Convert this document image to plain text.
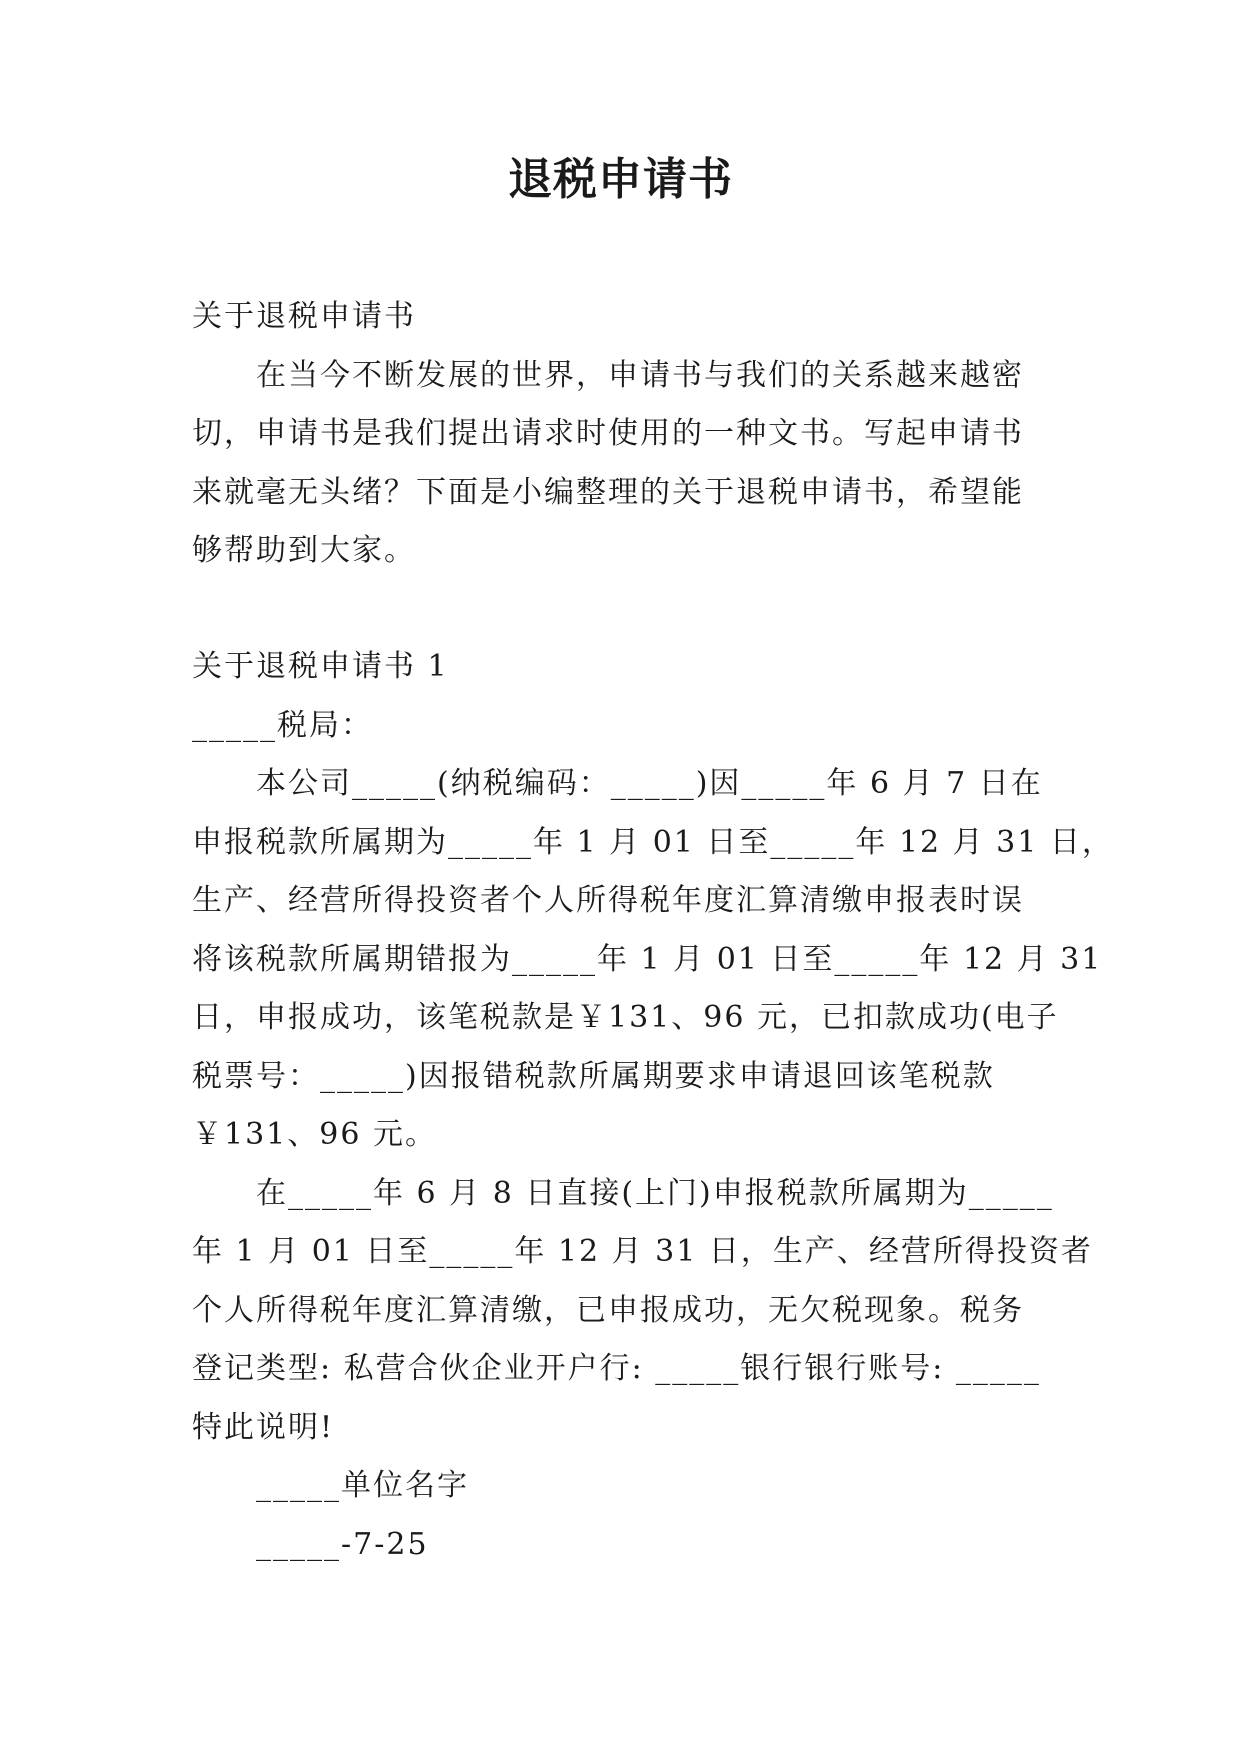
退税申请书
关于退税申请书
在当今不断发展的世界，申请书与我们的关系越来越密
切，申请书是我们提出请求时使用的一种文书。写起申请书
来就毫无头绪？下面是小编整理的关于退税申请书，希望能
够帮助到大家。
关于退税申请书 1
_____税局：
本公司_____(纳税编码：_____)因_____年 6 月 7 日在
申报税款所属期为_____年 1 月 01 日至_____年 12 月 31 日，
生产、经营所得投资者个人所得税年度汇算清缴申报表时误
将该税款所属期错报为_____年 1 月 01 日至_____年 12 月 31
日，申报成功，该笔税款是￥131、96 元，已扣款成功(电子
税票号：_____)因报错税款所属期要求申请退回该笔税款
￥131、96 元。
在_____年 6 月 8 日直接(上门)申报税款所属期为_____
年 1 月 01 日至_____年 12 月 31 日，生产、经营所得投资者
个人所得税年度汇算清缴，已申报成功，无欠税现象。税务
登记类型: 私营合伙企业开户行: _____银行银行账号: _____
特此说明!
_____单位名字
_____-7-25
